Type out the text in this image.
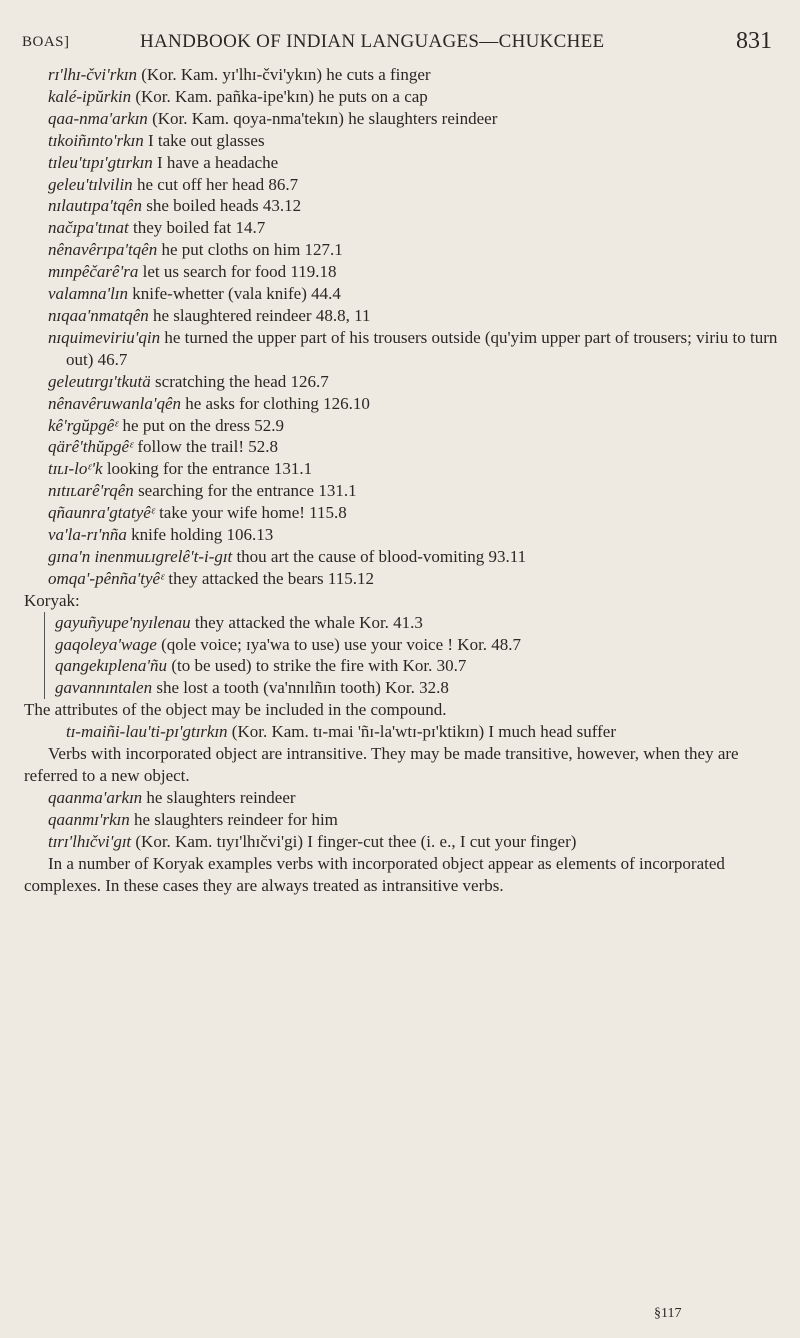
BOAS]	HANDBOOK OF INDIAN LANGUAGES—CHUKCHEE	831
rɪ'lhɪ-čvi'rkɪn (Kor. Kam. yɪ'lhɪ-čvi'ykɪn) he cuts a finger
kalé-ipŭrkin (Kor. Kam. pañka-ipe'kɪn) he puts on a cap
qaa-nma'arkɪn (Kor. Kam. qoya-nma'tekɪn) he slaughters reindeer
tɪkoiñɪnto'rkɪn I take out glasses
tɪleu'tɪpɪ'gtɪrkɪn I have a headache
geleu'tɪlvilin he cut off her head 86.7
nɪlautɪpa'tqên she boiled heads 43.12
načɪpa'tɪnat they boiled fat 14.7
nênavêrɪpa'tqên he put cloths on him 127.1
mɪnpêčarê'ra let us search for food 119.18
valamna'lɪn knife-whetter (vala knife) 44.4
nɪqaa'nmatqên he slaughtered reindeer 48.8, 11
nɪquimeviriu'qin he turned the upper part of his trousers outside (qu'yim upper part of trousers; viriu to turn out) 46.7
geleutɪrgɪ'tkutä scratching the head 126.7
nênavêruwanla'qên he asks for clothing 126.10
kê'rgŭpgêᵋ he put on the dress 52.9
qärê'thŭpgêᵋ follow the trail! 52.8
tɪʟɪ-loᵋ'k looking for the entrance 131.1
nɪtɪʟarê'rqên searching for the entrance 131.1
qñaunra'gtatyêᵋ take your wife home! 115.8
va'la-rɪ'nña knife holding 106.13
gɪna'n inenmuʟɪgrelê't-i-gɪt thou art the cause of blood-vomiting 93.11
omqa'-pênña'tyêᵋ they attacked the bears 115.12
Koryak:
gayuñyupe'nyɪlenau they attacked the whale Kor. 41.3
gaqoleya'wage (qole voice; ɪya'wa to use) use your voice ! Kor. 48.7
qangekɪplena'ñu (to be used) to strike the fire with Kor. 30.7
gavannɪntalen she lost a tooth (va'nnɪlñɪn tooth) Kor. 32.8
The attributes of the object may be included in the compound.
tɪ-maiñi-lau'ti-pɪ'gtɪrkɪn (Kor. Kam. tɪ-mai 'ñɪ-la'wtɪ-pɪ'ktikɪn) I much head suffer
Verbs with incorporated object are intransitive. They may be made transitive, however, when they are referred to a new object.
qaanma'arkɪn he slaughters reindeer
qaanmɪ'rkɪn he slaughters reindeer for him
tɪrɪ'lhɪčvi'gɪt (Kor. Kam. tɪyɪ'lhɪčvi'gi) I finger-cut thee (i. e., I cut your finger)
In a number of Koryak examples verbs with incorporated object appear as elements of incorporated complexes. In these cases they are always treated as intransitive verbs.
§117
